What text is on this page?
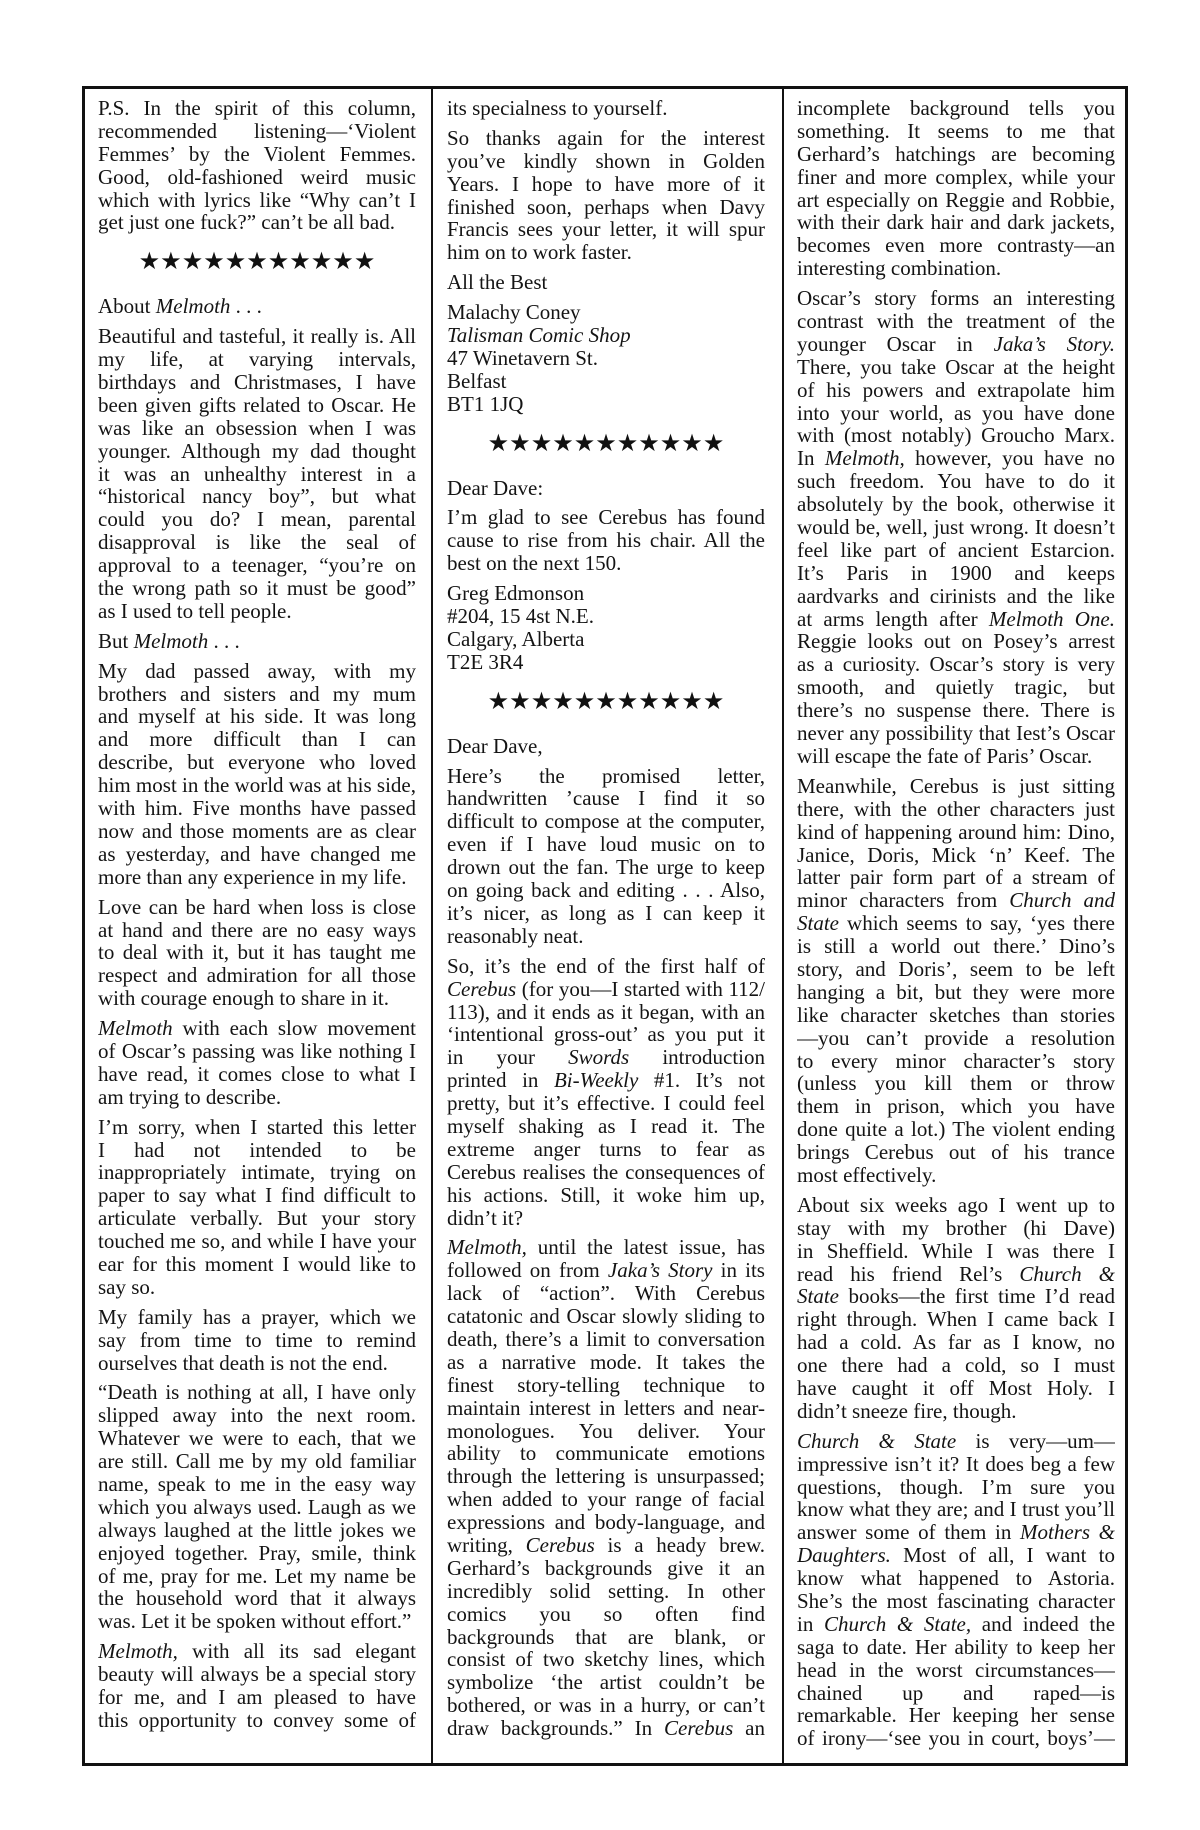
P.S. In the spirit of this column,
recommended listening—‘Violent
Femmes’ by the Violent Femmes.
Good, old-fashioned weird music
which with lyrics like “Why can’t I
get just one fuck?” can’t be all bad.
★★★★★★★★★★★
About Melmoth . . .
Beautiful and tasteful, it really is. All
my life, at varying intervals,
birthdays and Christmases, I have
been given gifts related to Oscar. He
was like an obsession when I was
younger. Although my dad thought
it was an unhealthy interest in a
“historical nancy boy”, but what
could you do? I mean, parental
disapproval is like the seal of
approval to a teenager, “you’re on
the wrong path so it must be good”
as I used to tell people.
But Melmoth . . .
My dad passed away, with my
brothers and sisters and my mum
and myself at his side. It was long
and more difficult than I can
describe, but everyone who loved
him most in the world was at his side,
with him. Five months have passed
now and those moments are as clear
as yesterday, and have changed me
more than any experience in my life.
Love can be hard when loss is close
at hand and there are no easy ways
to deal with it, but it has taught me
respect and admiration for all those
with courage enough to share in it.
Melmoth with each slow movement
of Oscar’s passing was like nothing I
have read, it comes close to what I
am trying to describe.
I’m sorry, when I started this letter
I had not intended to be
inappropriately intimate, trying on
paper to say what I find difficult to
articulate verbally. But your story
touched me so, and while I have your
ear for this moment I would like to
say so.
My family has a prayer, which we
say from time to time to remind
ourselves that death is not the end.
“Death is nothing at all, I have only
slipped away into the next room.
Whatever we were to each, that we
are still. Call me by my old familiar
name, speak to me in the easy way
which you always used. Laugh as we
always laughed at the little jokes we
enjoyed together. Pray, smile, think
of me, pray for me. Let my name be
the household word that it always
was. Let it be spoken without effort.”
Melmoth, with all its sad elegant
beauty will always be a special story
for me, and I am pleased to have
this opportunity to convey some of
its specialness to yourself.
So thanks again for the interest
you’ve kindly shown in Golden
Years. I hope to have more of it
finished soon, perhaps when Davy
Francis sees your letter, it will spur
him on to work faster.
All the Best
Malachy Coney
Talisman Comic Shop
47 Winetavern St.
Belfast
BT1 1JQ
★★★★★★★★★★★
Dear Dave:
I’m glad to see Cerebus has found
cause to rise from his chair. All the
best on the next 150.
Greg Edmonson
#204, 15 4st N.E.
Calgary, Alberta
T2E 3R4
★★★★★★★★★★★
Dear Dave,
Here’s the promised letter,
handwritten ’cause I find it so
difficult to compose at the computer,
even if I have loud music on to
drown out the fan. The urge to keep
on going back and editing . . . Also,
it’s nicer, as long as I can keep it
reasonably neat.
So, it’s the end of the first half of
Cerebus (for you—I started with 112/
113), and it ends as it began, with an
‘intentional gross-out’ as you put it
in your Swords introduction
printed in Bi-Weekly #1. It’s not
pretty, but it’s effective. I could feel
myself shaking as I read it. The
extreme anger turns to fear as
Cerebus realises the consequences of
his actions. Still, it woke him up,
didn’t it?
Melmoth, until the latest issue, has
followed on from Jaka’s Story in its
lack of “action”. With Cerebus
catatonic and Oscar slowly sliding to
death, there’s a limit to conversation
as a narrative mode. It takes the
finest story-telling technique to
maintain interest in letters and near-
monologues. You deliver. Your
ability to communicate emotions
through the lettering is unsurpassed;
when added to your range of facial
expressions and body-language, and
writing, Cerebus is a heady brew.
Gerhard’s backgrounds give it an
incredibly solid setting. In other
comics you so often find
backgrounds that are blank, or
consist of two sketchy lines, which
symbolize ‘the artist couldn’t be
bothered, or was in a hurry, or can’t
draw backgrounds.” In Cerebus an
incomplete background tells you
something. It seems to me that
Gerhard’s hatchings are becoming
finer and more complex, while your
art especially on Reggie and Robbie,
with their dark hair and dark jackets,
becomes even more contrasty—an
interesting combination.
Oscar’s story forms an interesting
contrast with the treatment of the
younger Oscar in Jaka’s Story.
There, you take Oscar at the height
of his powers and extrapolate him
into your world, as you have done
with (most notably) Groucho Marx.
In Melmoth, however, you have no
such freedom. You have to do it
absolutely by the book, otherwise it
would be, well, just wrong. It doesn’t
feel like part of ancient Estarcion.
It’s Paris in 1900 and keeps
aardvarks and cirinists and the like
at arms length after Melmoth One.
Reggie looks out on Posey’s arrest
as a curiosity. Oscar’s story is very
smooth, and quietly tragic, but
there’s no suspense there. There is
never any possibility that Iest’s Oscar
will escape the fate of Paris’ Oscar.
Meanwhile, Cerebus is just sitting
there, with the other characters just
kind of happening around him: Dino,
Janice, Doris, Mick ‘n’ Keef. The
latter pair form part of a stream of
minor characters from Church and
State which seems to say, ‘yes there
is still a world out there.’ Dino’s
story, and Doris’, seem to be left
hanging a bit, but they were more
like character sketches than stories
—you can’t provide a resolution
to every minor character’s story
(unless you kill them or throw
them in prison, which you have
done quite a lot.) The violent ending
brings Cerebus out of his trance
most effectively.
About six weeks ago I went up to
stay with my brother (hi Dave)
in Sheffield. While I was there I
read his friend Rel’s Church &
State books—the first time I’d read
right through. When I came back I
had a cold. As far as I know, no
one there had a cold, so I must
have caught it off Most Holy. I
didn’t sneeze fire, though.
Church & State is very—um—
impressive isn’t it? It does beg a few
questions, though. I’m sure you
know what they are; and I trust you’ll
answer some of them in Mothers &
Daughters. Most of all, I want to
know what happened to Astoria.
She’s the most fascinating character
in Church & State, and indeed the
saga to date. Her ability to keep her
head in the worst circumstances—
chained up and raped—is
remarkable. Her keeping her sense
of irony—‘see you in court, boys’—
